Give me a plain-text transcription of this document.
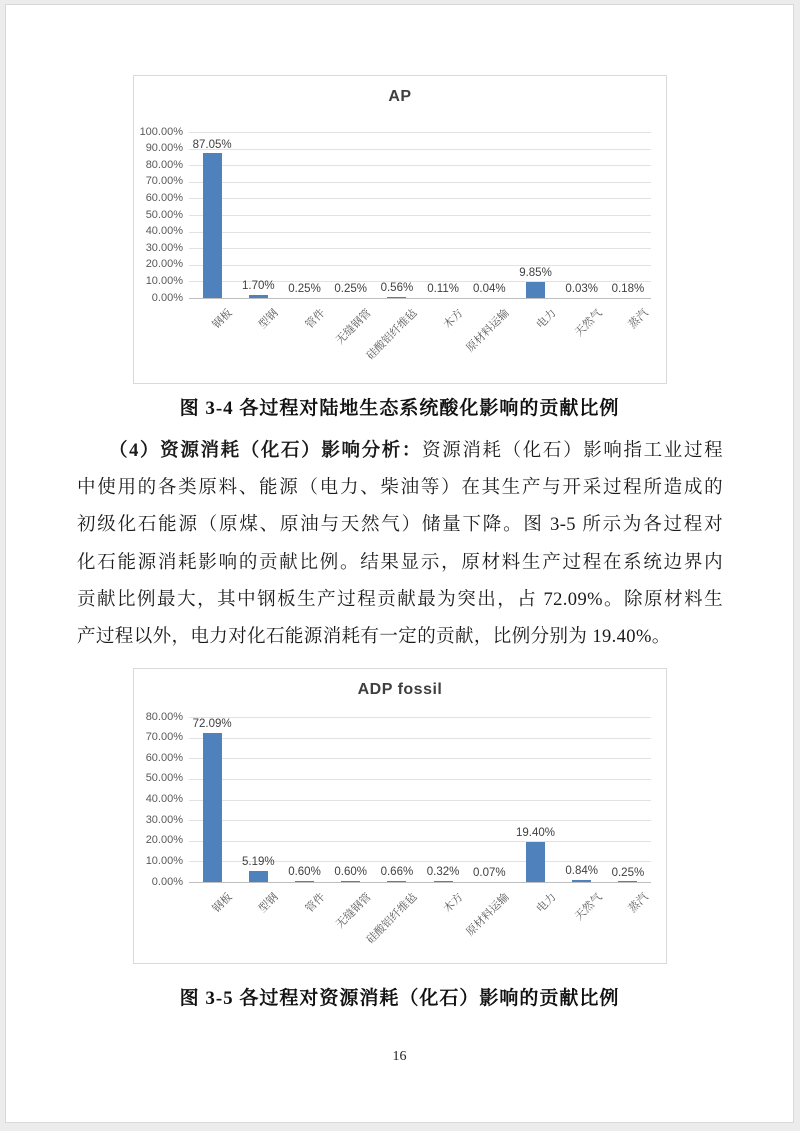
AP
0.00%
10.00%
20.00%
30.00%
40.00%
50.00%
60.00%
70.00%
80.00%
90.00%
100.00%
87.05%
钢板
1.70%
型钢
0.25%
管件
0.25%
无缝钢管
0.56%
硅酸铝纤维毡
0.11%
木方
0.04%
原材料运输
9.85%
电力
0.03%
天然气
0.18%
蒸汽
图 3-4 各过程对陆地生态系统酸化影响的贡献比例
（4）资源消耗（化石）影响分析：资源消耗（化石）影响指工业过程
中使用的各类原料、能源（电力、柴油等）在其生产与开采过程所造成的
初级化石能源（原煤、原油与天然气）储量下降。图 3-5 所示为各过程对
化石能源消耗影响的贡献比例。结果显示，原材料生产过程在系统边界内
贡献比例最大，其中钢板生产过程贡献最为突出，占 72.09%。除原材料生
产过程以外，电力对化石能源消耗有一定的贡献，比例分别为 19.40%。
ADP fossil
0.00%
10.00%
20.00%
30.00%
40.00%
50.00%
60.00%
70.00%
80.00%
72.09%
钢板
5.19%
型钢
0.60%
管件
0.60%
无缝钢管
0.66%
硅酸铝纤维毡
0.32%
木方
0.07%
原材料运输
19.40%
电力
0.84%
天然气
0.25%
蒸汽
图 3-5 各过程对资源消耗（化石）影响的贡献比例
16
